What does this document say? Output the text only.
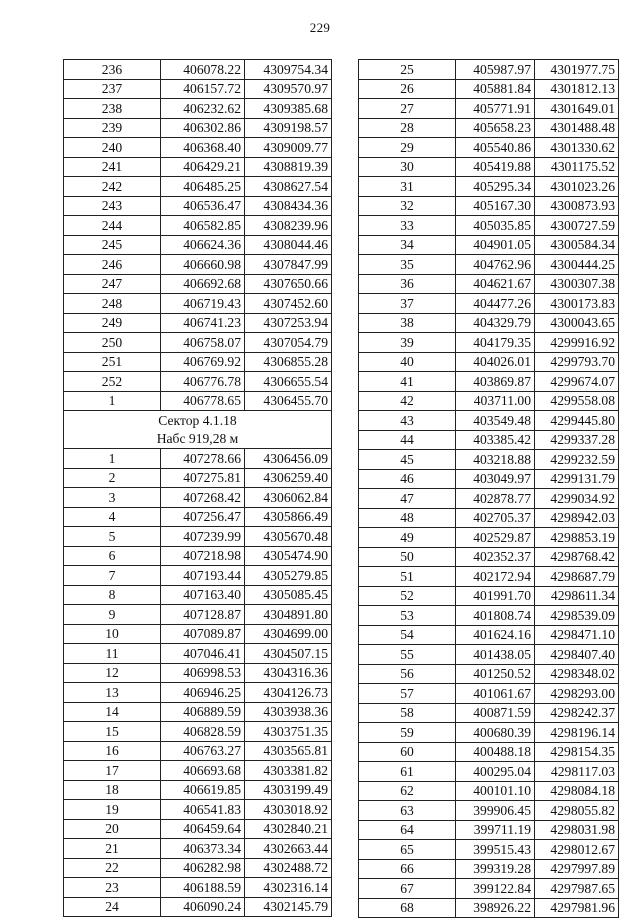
229
236	406078.22	4309754.34
237	406157.72	4309570.97
238	406232.62	4309385.68
239	406302.86	4309198.57
240	406368.40	4309009.77
241	406429.21	4308819.39
242	406485.25	4308627.54
243	406536.47	4308434.36
244	406582.85	4308239.96
245	406624.36	4308044.46
246	406660.98	4307847.99
247	406692.68	4307650.66
248	406719.43	4307452.60
249	406741.23	4307253.94
250	406758.07	4307054.79
251	406769.92	4306855.28
252	406776.78	4306655.54
1	406778.65	4306455.70
Сектор 4.1.18		
Набс 919,28 м		
1	407278.66	4306456.09
2	407275.81	4306259.40
3	407268.42	4306062.84
4	407256.47	4305866.49
5	407239.99	4305670.48
6	407218.98	4305474.90
7	407193.44	4305279.85
8	407163.40	4305085.45
9	407128.87	4304891.80
10	407089.87	4304699.00
11	407046.41	4304507.15
12	406998.53	4304316.36
13	406946.25	4304126.73
14	406889.59	4303938.36
15	406828.59	4303751.35
16	406763.27	4303565.81
17	406693.68	4303381.82
18	406619.85	4303199.49
19	406541.83	4303018.92
20	406459.64	4302840.21
21	406373.34	4302663.44
22	406282.98	4302488.72
23	406188.59	4302316.14
24	406090.24	4302145.79
25	405987.97	4301977.75
26	405881.84	4301812.13
27	405771.91	4301649.01
28	405658.23	4301488.48
29	405540.86	4301330.62
30	405419.88	4301175.52
31	405295.34	4301023.26
32	405167.30	4300873.93
33	405035.85	4300727.59
34	404901.05	4300584.34
35	404762.96	4300444.25
36	404621.67	4300307.38
37	404477.26	4300173.83
38	404329.79	4300043.65
39	404179.35	4299916.92
40	404026.01	4299793.70
41	403869.87	4299674.07
42	403711.00	4299558.08
43	403549.48	4299445.80
44	403385.42	4299337.28
45	403218.88	4299232.59
46	403049.97	4299131.79
47	402878.77	4299034.92
48	402705.37	4298942.03
49	402529.87	4298853.19
50	402352.37	4298768.42
51	402172.94	4298687.79
52	401991.70	4298611.34
53	401808.74	4298539.09
54	401624.16	4298471.10
55	401438.05	4298407.40
56	401250.52	4298348.02
57	401061.67	4298293.00
58	400871.59	4298242.37
59	400680.39	4298196.14
60	400488.18	4298154.35
61	400295.04	4298117.03
62	400101.10	4298084.18
63	399906.45	4298055.82
64	399711.19	4298031.98
65	399515.43	4298012.67
66	399319.28	4297997.89
67	399122.84	4297987.65
68	398926.22	4297981.96
